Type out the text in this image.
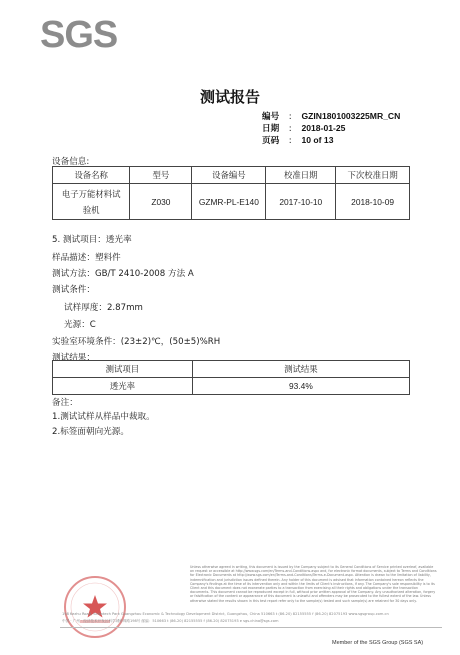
SGS
测试报告
编号 : GZIN1801003225MR_CN
日期 : 2018-01-25
页码 : 10 of 13
设备信息:
设备名称	型号	设备编号	校准日期	下次校准日期

电子万能材料试
验机	Z030	GZMR-PL-E140	2017-10-10	2018-10-09
5. 测试项目：透光率
样品描述：塑料件
测试方法：GB/T 2410-2008 方法 A
测试条件：
试样厚度：2.87mm
光源：C
实验室环境条件：(23±2)℃，(50±5)%RH
测试结果：
测试项目	测试结果
透光率	93.4%
备注：
1.测试试样从样品中裁取。
2.标签面朝向光源。
Unless otherwise agreed in writing, this document is issued by the Company subject to its General Conditions of Service printed overleaf, available on request or accessible at http://www.sgs.com/en/Terms-and-Conditions.aspx and, for electronic format documents, subject to Terms and Conditions for Electronic Documents at http://www.sgs.com/en/Terms-and-Conditions/Terms-e-Document.aspx. Attention is drawn to the limitation of liability, indemnification and jurisdiction issues defined therein. Any holder of this document is advised that information contained hereon reflects the Company's findings at the time of its intervention only and within the limits of Client's instructions, if any. The Company's sole responsibility is to its Client and this document does not exonerate parties to a transaction from exercising all their rights and obligations under the transaction documents. This document cannot be reproduced except in full, without prior written approval of the Company. Any unauthorized alteration, forgery or falsification of the content or appearance of this document is unlawful and offenders may be prosecuted to the fullest extent of the law. Unless otherwise stated the results shown in this test report refer only to the sample(s) tested and such sample(s) are retained for 30 days only.
198 Kezhu Road, Scientech Park Guangzhou Economic & Technology Development District, Guangzhou, China 510663 t (86-20) 82155555 f (86-20) 82075193 www.sgsgroup.com.cn
中国 · 广州 · 经济技术开发区科学城科珠路198号 邮编：510663 t (86-20) 82155555 f (86-20) 82075193 e sgs.china@sgs.com
Member of the SGS Group (SGS SA)
